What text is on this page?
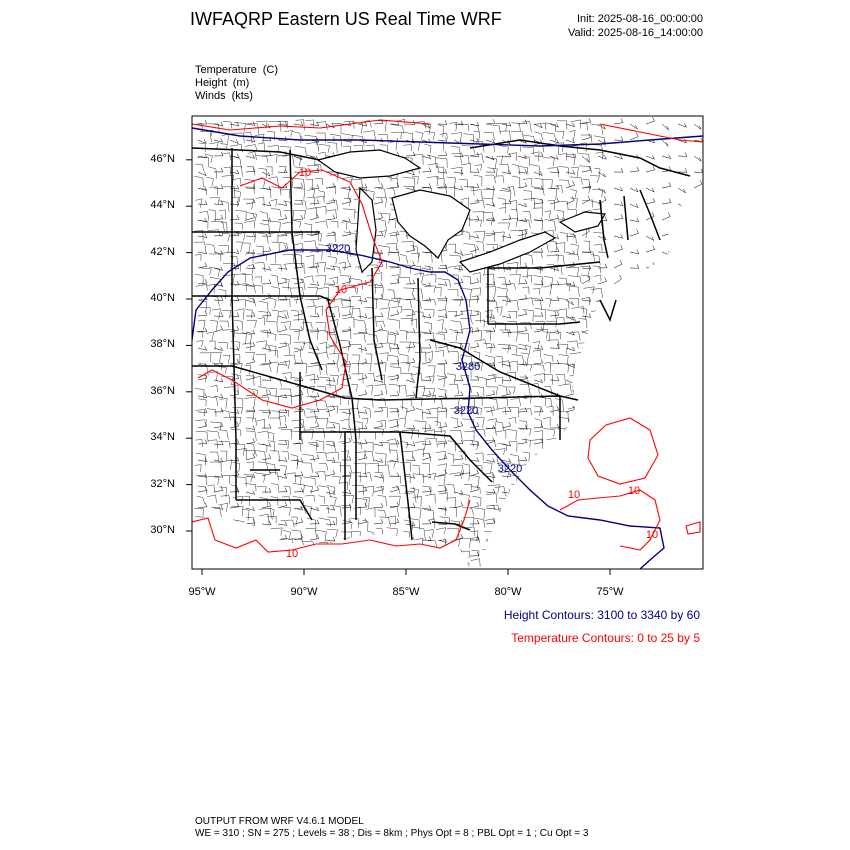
IWFAQRP Eastern US Real Time WRF	Init: 2025-08-16_00:00:00
Valid: 2025-08-16_14:00:00
Temperature (C)
Height (m)
Winds (kts)
3220
3280
3220
3220
10
10
10	10
10
10
46°N
44°N
42°N
40°N
38°N
36°N
34°N
32°N
30°N
95°W	90°W	85°W	80°W	75°W
Height Contours: 3100 to 3340 by 60
Temperature Contours: 0 to 25 by 5
OUTPUT FROM WRF V4.6.1 MODEL
WE = 310 ; SN = 275 ; Levels = 38 ; Dis = 8km ; Phys Opt = 8 ; PBL Opt = 1 ; Cu Opt = 3
